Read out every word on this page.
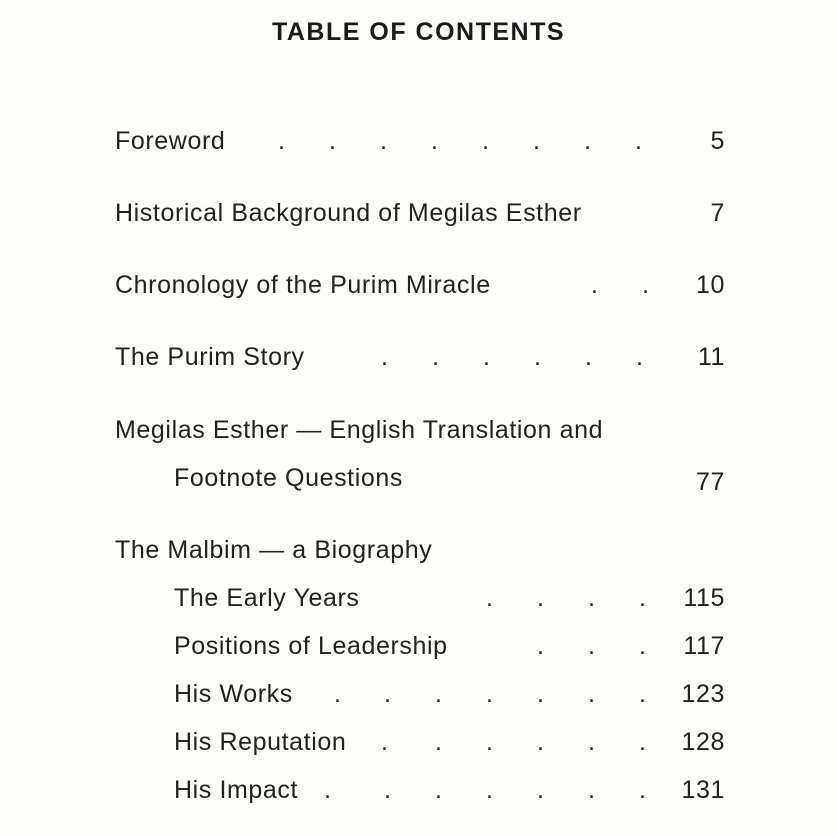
TABLE OF CONTENTS
Foreword . . . . . . . .	5
Historical Background of Megilas Esther	7
Chronology of the Purim Miracle	. . 10
The Purim Story	. . . . . . 11
Megilas Esther — English Translation and
Footnote Questions	77
The Malbim — a Biography
The Early Years	. . . . 115
Positions of Leadership	. . . 117
His Works . . . . . . . 123
His Reputation . . . . . . 128
His Impact . . . . . . . 131
